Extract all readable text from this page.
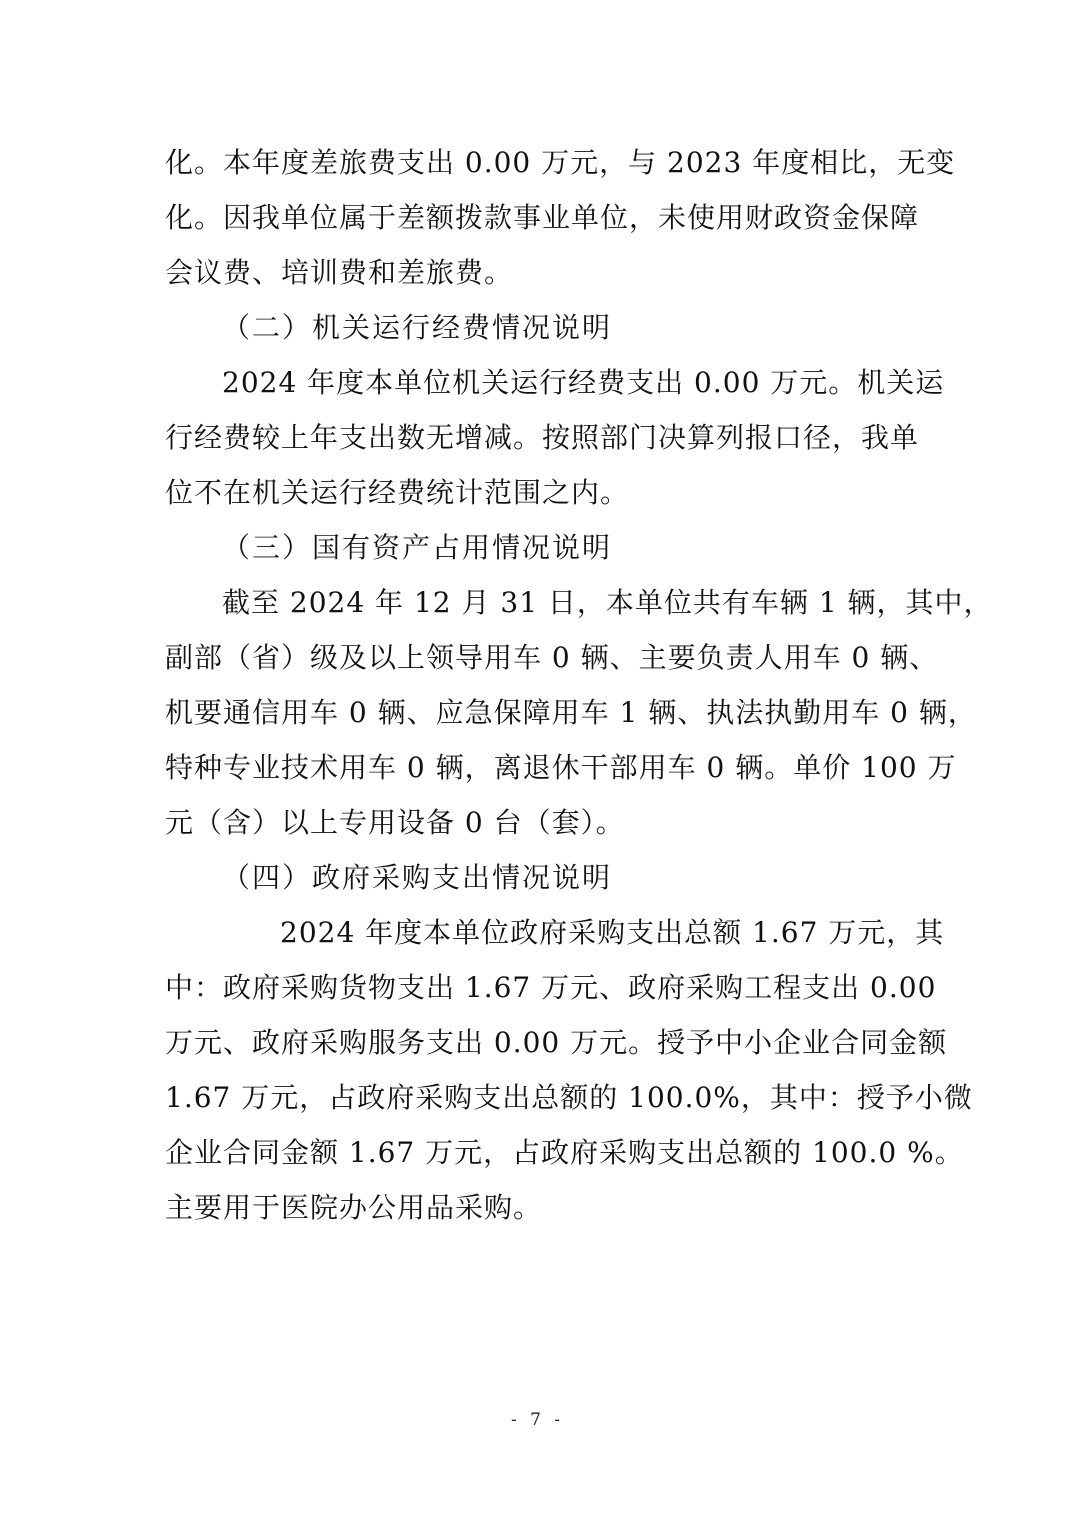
化。本年度差旅费支出 0.00 万元，与 2023 年度相比，无变
化。因我单位属于差额拨款事业单位，未使用财政资金保障
会议费、培训费和差旅费。
（二）机关运行经费情况说明
2024 年度本单位机关运行经费支出 0.00 万元。机关运
行经费较上年支出数无增减。按照部门决算列报口径，我单
位不在机关运行经费统计范围之内。
（三）国有资产占用情况说明
截至 2024 年 12 月 31 日，本单位共有车辆 1 辆，其中，
副部（省）级及以上领导用车 0 辆、主要负责人用车 0 辆、
机要通信用车 0 辆、应急保障用车 1 辆、执法执勤用车 0 辆，
特种专业技术用车 0 辆，离退休干部用车 0 辆。单价 100 万
元（含）以上专用设备 0 台（套）。
（四）政府采购支出情况说明
2024 年度本单位政府采购支出总额 1.67 万元，其
中：政府采购货物支出 1.67 万元、政府采购工程支出 0.00
万元、政府采购服务支出 0.00 万元。授予中小企业合同金额
1.67 万元，占政府采购支出总额的 100.0%，其中：授予小微
企业合同金额 1.67 万元，占政府采购支出总额的 100.0 %。
主要用于医院办公用品采购。
- 7 -
